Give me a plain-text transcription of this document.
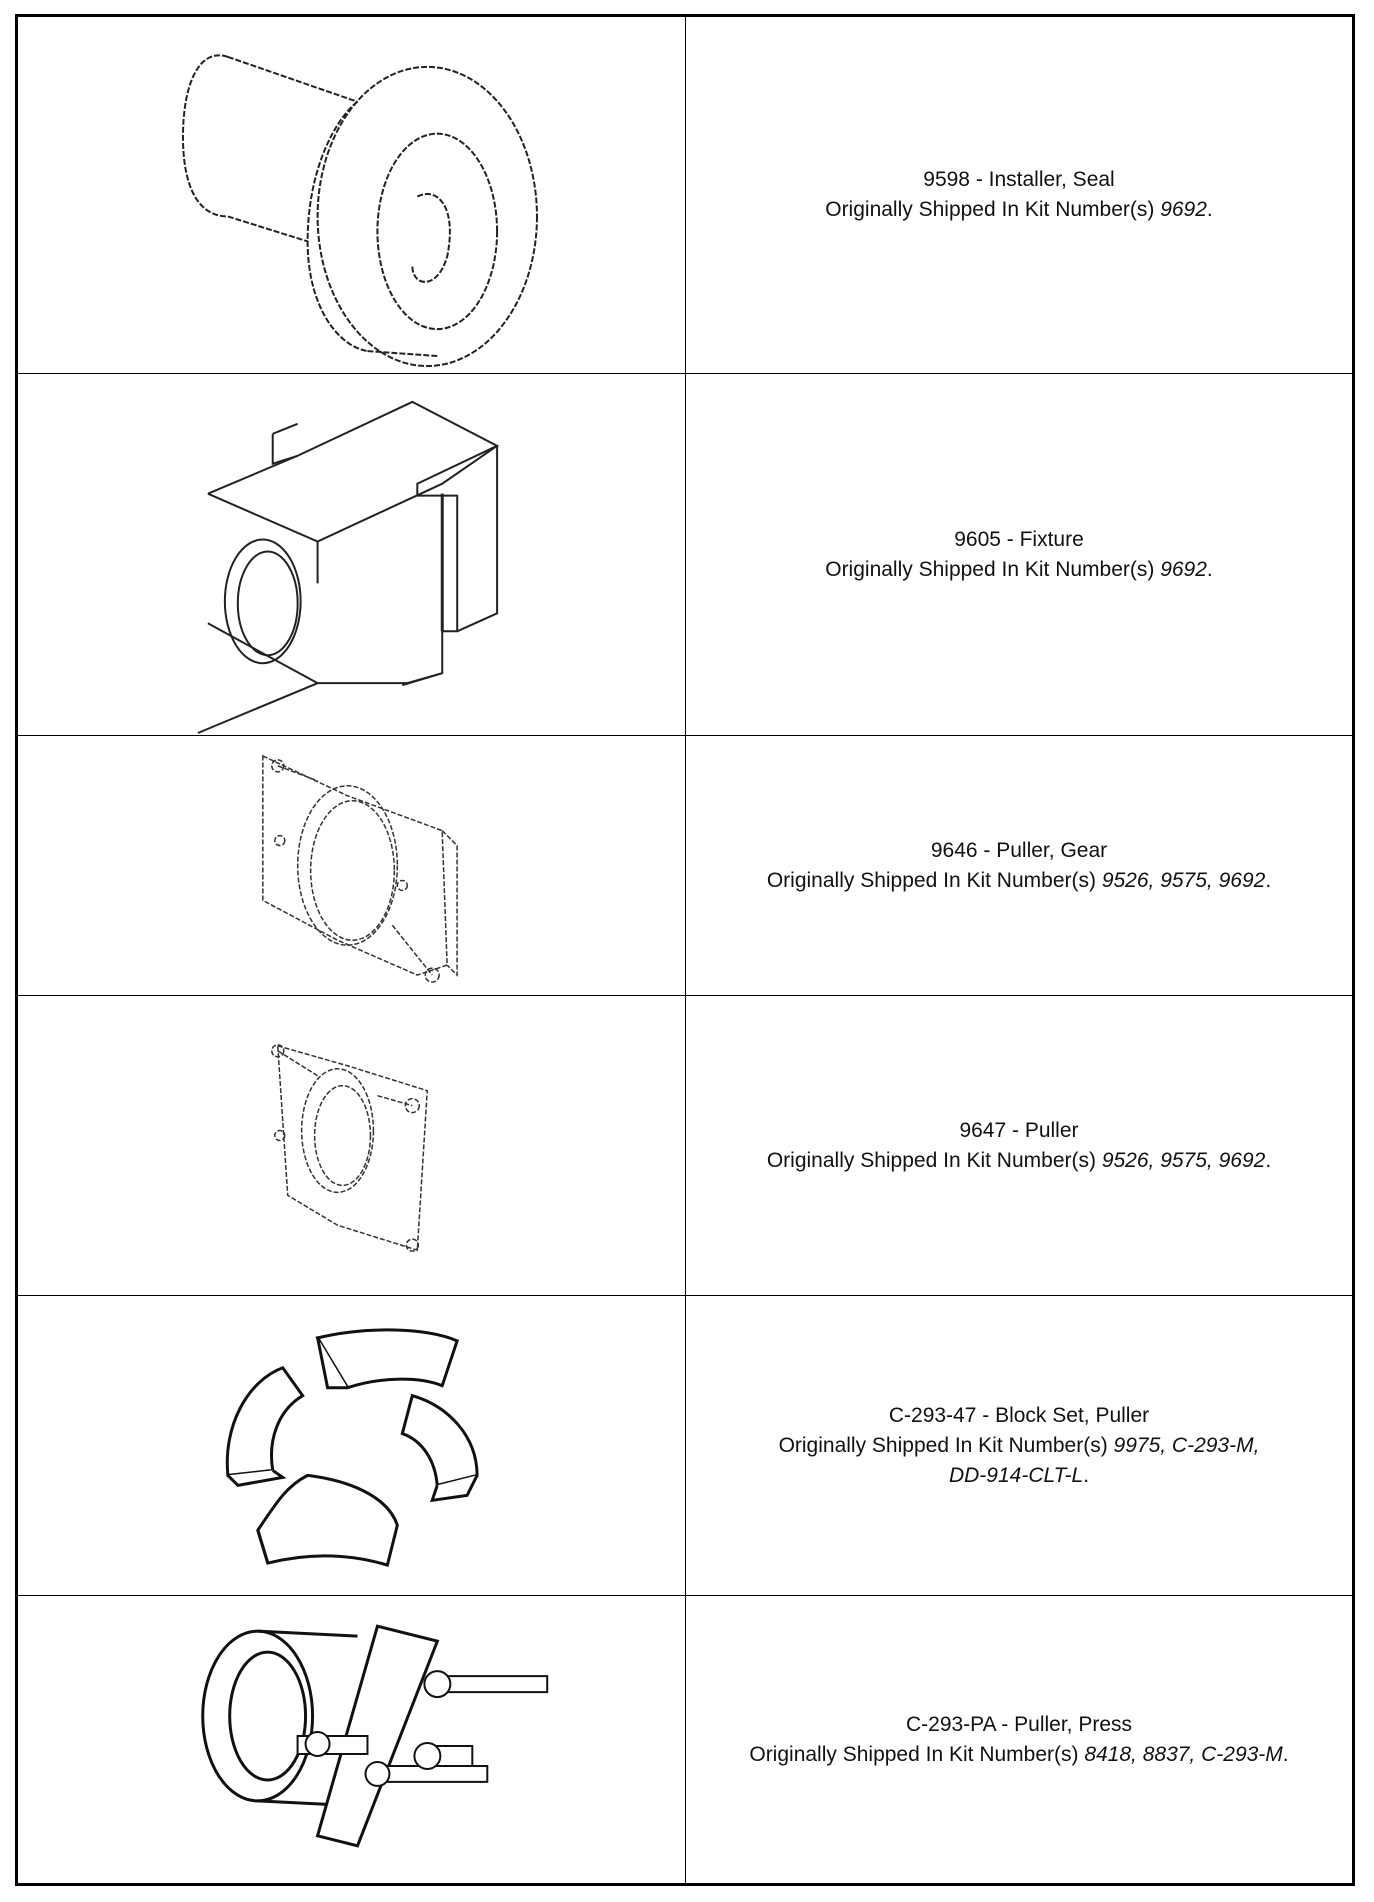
9598 - Installer, Seal
Originally Shipped In Kit Number(s) 9692.
9605 - Fixture
Originally Shipped In Kit Number(s) 9692.
9646 - Puller, Gear
Originally Shipped In Kit Number(s) 9526, 9575, 9692.
9647 - Puller
Originally Shipped In Kit Number(s) 9526, 9575, 9692.
C-293-47 - Block Set, Puller
Originally Shipped In Kit Number(s) 9975, C-293-M,
DD-914-CLT-L.
C-293-PA - Puller, Press
Originally Shipped In Kit Number(s) 8418, 8837, C-293-M.
